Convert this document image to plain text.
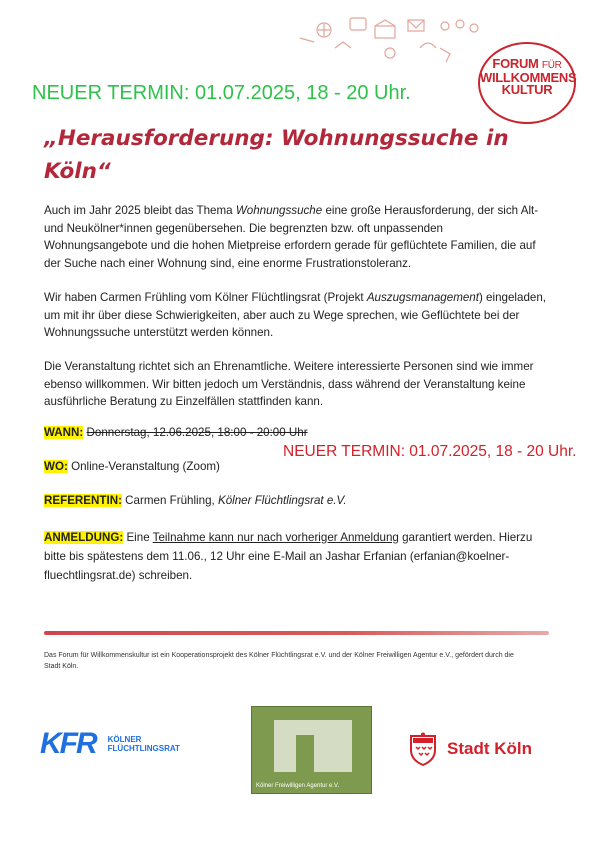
FORUM FÜR
WILLKOMMENS
KULTUR
NEUER TERMIN: 01.07.2025, 18 - 20 Uhr.
„Herausforderung: Wohnungssuche in Köln“
Auch im Jahr 2025 bleibt das Thema Wohnungssuche eine große Herausforderung, der sich Alt- und Neukölner*innen gegenübersehen. Die begrenzten bzw. oft unpassenden Wohnungsangebote und die hohen Mietpreise erfordern gerade für geflüchtete Familien, die auf der Suche nach einer Wohnung sind, eine enorme Frustrationstoleranz.
Wir haben Carmen Frühling vom Kölner Flüchtlingsrat (Projekt Auszugsmanagement) eingeladen, um mit ihr über diese Schwierigkeiten, aber auch zu Wege sprechen, wie Geflüchtete bei der Wohnungssuche unterstützt werden können.
Die Veranstaltung richtet sich an Ehrenamtliche. Weitere interessierte Personen sind wie immer ebenso willkommen. Wir bitten jedoch um Verständnis, dass während der Veranstaltung keine ausführliche Beratung zu Einzelfällen stattfinden kann.
WANN: Donnerstag, 12.06.2025, 18:00 - 20:00 Uhr
NEUER TERMIN: 01.07.2025, 18 - 20 Uhr.
WO: Online-Veranstaltung (Zoom)
REFERENTIN: Carmen Frühling, Kölner Flüchtlingsrat e.V.
ANMELDUNG: Eine Teilnahme kann nur nach vorheriger Anmeldung garantiert werden. Hierzu bitte bis spätestens dem 11.06., 12 Uhr eine E-Mail an Jashar Erfanian (erfanian@koelner-fluechtlingsrat.de) schreiben.
Das Forum für Willkommenskultur ist ein Kooperationsprojekt des Kölner Flüchtlingsrat e.V. und der Kölner Freiwilligen Agentur e.V., gefördert durch die Stadt Köln.
KFR KÖLNER
FLÜCHTLINGSRAT
Kölner Freiwilligen Agentur e.V.
Stadt Köln
